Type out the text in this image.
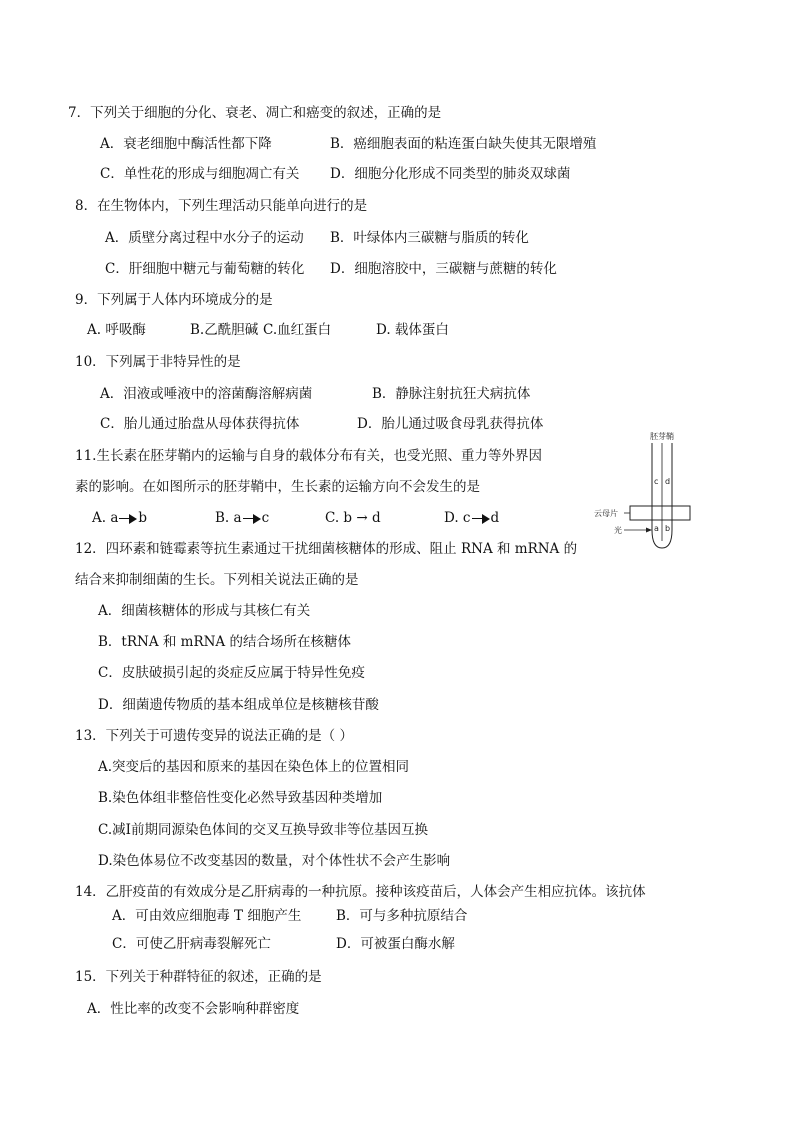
7．下列关于细胞的分化、衰老、凋亡和癌变的叙述，正确的是
A．衰老细胞中酶活性都下降	B．癌细胞表面的粘连蛋白缺失使其无限增殖
C．单性花的形成与细胞凋亡有关 D．细胞分化形成不同类型的肺炎双球菌
8．在生物体内，下列生理活动只能单向进行的是
A．质壁分离过程中水分子的运动 B．叶绿体内三碳糖与脂质的转化
C．肝细胞中糖元与葡萄糖的转化 D．细胞溶胶中，三碳糖与蔗糖的转化
9．下列属于人体内环境成分的是
A. 呼吸酶	B.乙酰胆碱 C.血红蛋白	D. 载体蛋白
10．下列属于非特异性的是
A．泪液或唾液中的溶菌酶溶解病菌	B．静脉注射抗狂犬病抗体
C．胎儿通过胎盘从母体获得抗体	D．胎儿通过吸食母乳获得抗体
11.生长素在胚芽鞘内的运输与自身的载体分布有关，也受光照、重力等外界因
素的影响。在如图所示的胚芽鞘中，生长素的运输方向不会发生的是
A. a b	B. a c	C. b → d	D. c d
胚芽鞘
云母片
光
c d
a b
12．四环素和链霉素等抗生素通过干扰细菌核糖体的形成、阻止 RNA 和 mRNA 的
结合来抑制细菌的生长。下列相关说法正确的是
A．细菌核糖体的形成与其核仁有关
B．tRNA 和 mRNA 的结合场所在核糖体
C．皮肤破损引起的炎症反应属于特异性免疫
D．细菌遗传物质的基本组成单位是核糖核苷酸
13．下列关于可遗传变异的说法正确的是（ ）
A.突变后的基因和原来的基因在染色体上的位置相同
B.染色体组非整倍性变化必然导致基因种类增加
C.减Ⅰ前期同源染色体间的交叉互换导致非等位基因互换
D.染色体易位不改变基因的数量，对个体性状不会产生影响
14．乙肝疫苗的有效成分是乙肝病毒的一种抗原。接种该疫苗后，人体会产生相应抗体。该抗体
A．可由效应细胞毒 T 细胞产生	B．可与多种抗原结合
C．可使乙肝病毒裂解死亡	D．可被蛋白酶水解
15．下列关于种群特征的叙述，正确的是
A．性比率的改变不会影响种群密度
